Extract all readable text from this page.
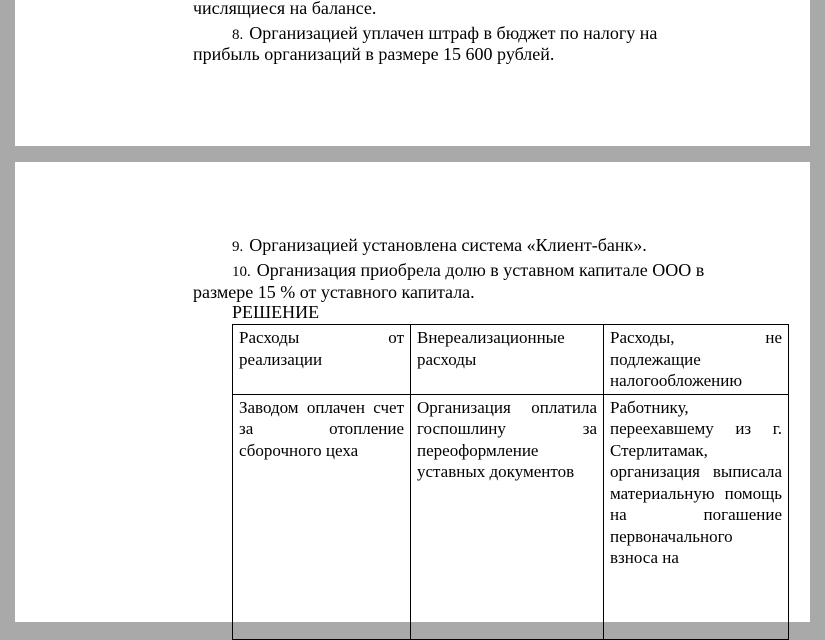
числящиеся на балансе.
8. Организацией уплачен штраф в бюджет по налогу на
прибыль организаций в размере 15 600 рублей.
9. Организацией установлена система «Клиент-банк».
10. Организация приобрела долю в уставном капитале ООО в
размере 15 % от уставного капитала.
РЕШЕНИЕ
Расходы от реализации	Внереализационные расходы	Расходы, не подлежащие налогообложению
Заводом оплачен счет за отопление сборочного цеха	Организация оплатила госпошлину за переоформление уставных документов	Работнику, переехавшему из г. Стерлитамак, организация выписала материальную помощь на погашение первоначального взноса на
